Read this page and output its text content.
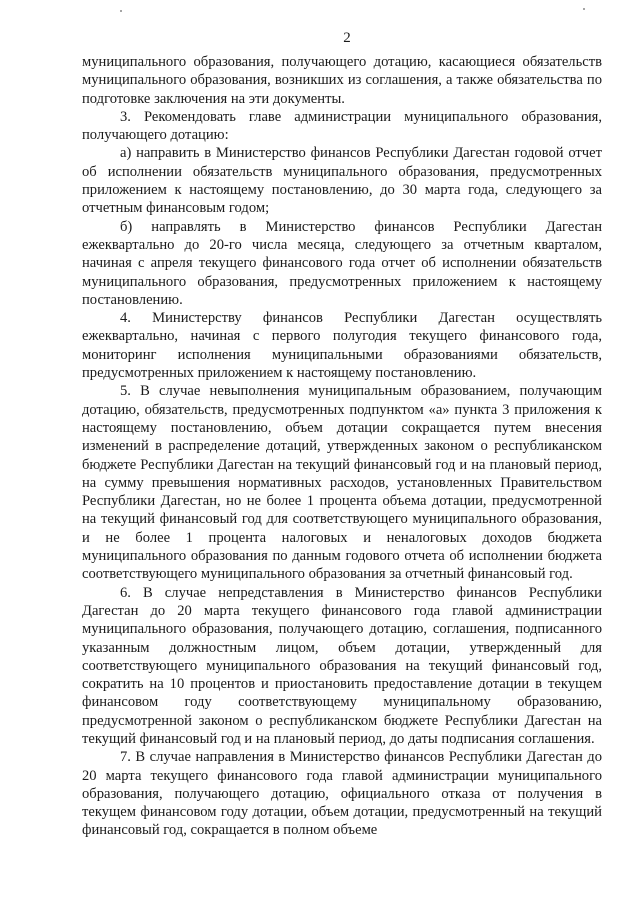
2

муниципального образования, получающего дотацию, касающиеся обязательств муниципального образования, возникших из соглашения, а также обязательства по подготовке заключения на эти документы.

3. Рекомендовать главе администрации муниципального образования, получающего дотацию:

а) направить в Министерство финансов Республики Дагестан годовой отчет об исполнении обязательств муниципального образования, предусмотренных приложением к настоящему постановлению, до 30 марта года, следующего за отчетным финансовым годом;

б) направлять в Министерство финансов Республики Дагестан ежеквартально до 20-го числа месяца, следующего за отчетным кварталом, начиная с апреля текущего финансового года отчет об исполнении обязательств муниципального образования, предусмотренных приложением к настоящему постановлению.

4. Министерству финансов Республики Дагестан осуществлять ежеквартально, начиная с первого полугодия текущего финансового года, мониторинг исполнения муниципальными образованиями обязательств, предусмотренных приложением к настоящему постановлению.

5. В случае невыполнения муниципальным образованием, получающим дотацию, обязательств, предусмотренных подпунктом «а» пункта 3 приложения к настоящему постановлению, объем дотации сокращается путем внесения изменений в распределение дотаций, утвержденных законом о республиканском бюджете Республики Дагестан на текущий финансовый год и на плановый период, на сумму превышения нормативных расходов, установленных Правительством Республики Дагестан, но не более 1 процента объема дотации, предусмотренной на текущий финансовый год для соответствующего муниципального образования, и не более 1 процента налоговых и неналоговых доходов бюджета муниципального образования по данным годового отчета об исполнении бюджета соответствующего муниципального образования за отчетный финансовый год.

6. В случае непредставления в Министерство финансов Республики Дагестан до 20 марта текущего финансового года главой администрации муниципального образования, получающего дотацию, соглашения, подписанного указанным должностным лицом, объем дотации, утвержденный для соответствующего муниципального образования на текущий финансовый год, сократить на 10 процентов и приостановить предоставление дотации в текущем финансовом году соответствующему муниципальному образованию, предусмотренной законом о республиканском бюджете Республики Дагестан на текущий финансовый год и на плановый период, до даты подписания соглашения.

7. В случае направления в Министерство финансов Республики Дагестан до 20 марта текущего финансового года главой администрации муниципального образования, получающего дотацию, официального отказа от получения в текущем финансовом году дотации, объем дотации, предусмотренный на текущий финансовый год, сокращается в полном объеме
